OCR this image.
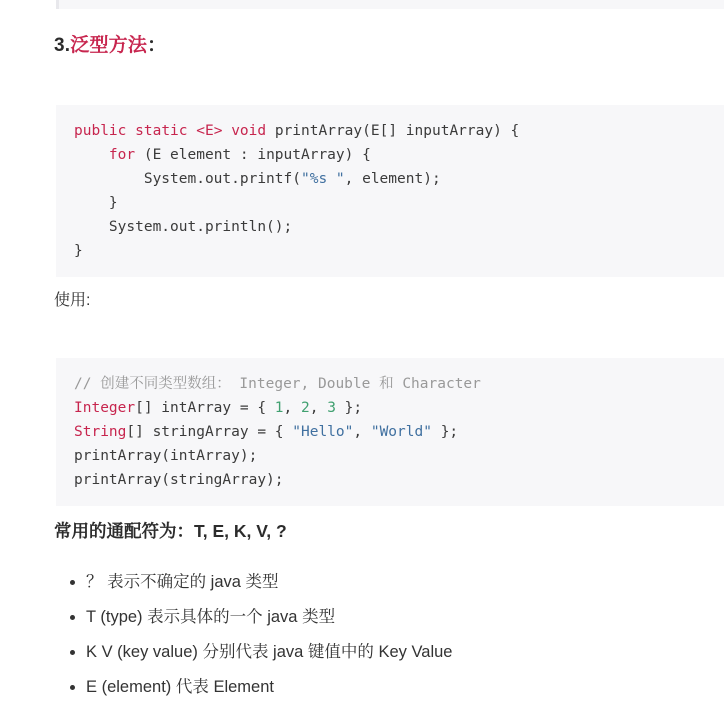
3.泛型方法：
public static <E> void printArray(E[] inputArray) {
for (E element : inputArray) {
System.out.printf("%s ", element);
}
System.out.println();
}
使用:
// 创建不同类型数组： Integer, Double 和 Character
Integer[] intArray = { 1, 2, 3 };
String[] stringArray = { "Hello", "World" };
printArray(intArray);
printArray(stringArray);
常用的通配符为：T, E, K, V, ?
• ？ 表示不确定的 java 类型
• T (type) 表示具体的一个 java 类型
• K V (key value) 分别代表 java 键值中的 Key Value
• E (element) 代表 Element
